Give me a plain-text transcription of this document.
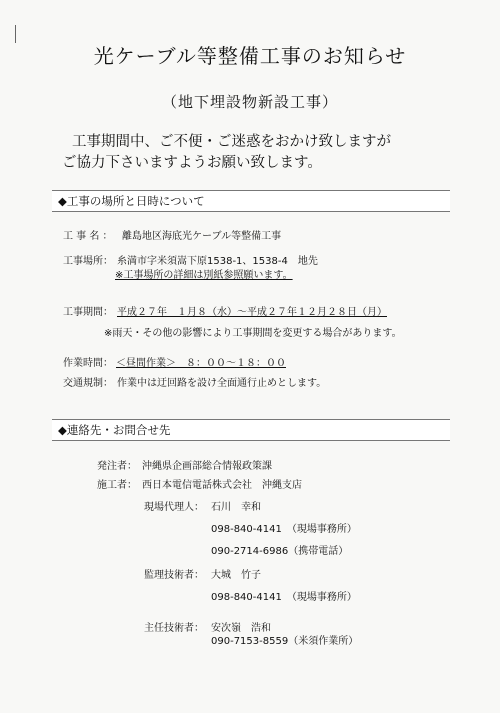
光ケーブル等整備工事のお知らせ
（地下埋設物新設工事）
工事期間中、ご不便・ご迷惑をおかけ致しますが
ご協力下さいますようお願い致します。
◆工事の場所と日時について
工 事 名 ： 離島地区海底光ケーブル等整備工事
工事場所： 糸満市字米須嵩下原1538-1、1538-4　地先
※工事場所の詳細は別紙参照願います。
工事期間： 平成２７年　１月８（水）～平成２７年１２月２８日（月）
※雨天・その他の影響により工事期間を変更する場合があります。
作業時間： ＜昼間作業＞　８：００～１８：００
交通規制： 作業中は迂回路を設け全面通行止めとします。
◆連絡先・お問合せ先
発注者： 沖縄県企画部総合情報政策課
施工者： 西日本電信電話株式会社　沖縄支店
現場代理人： 石川　幸和
098-840-4141　（現場事務所）
090-2714-6986（携帯電話）
監理技術者： 大城　竹子
098-840-4141　（現場事務所）
主任技術者： 安次嶺　浩和
090-7153-8559（米須作業所）
